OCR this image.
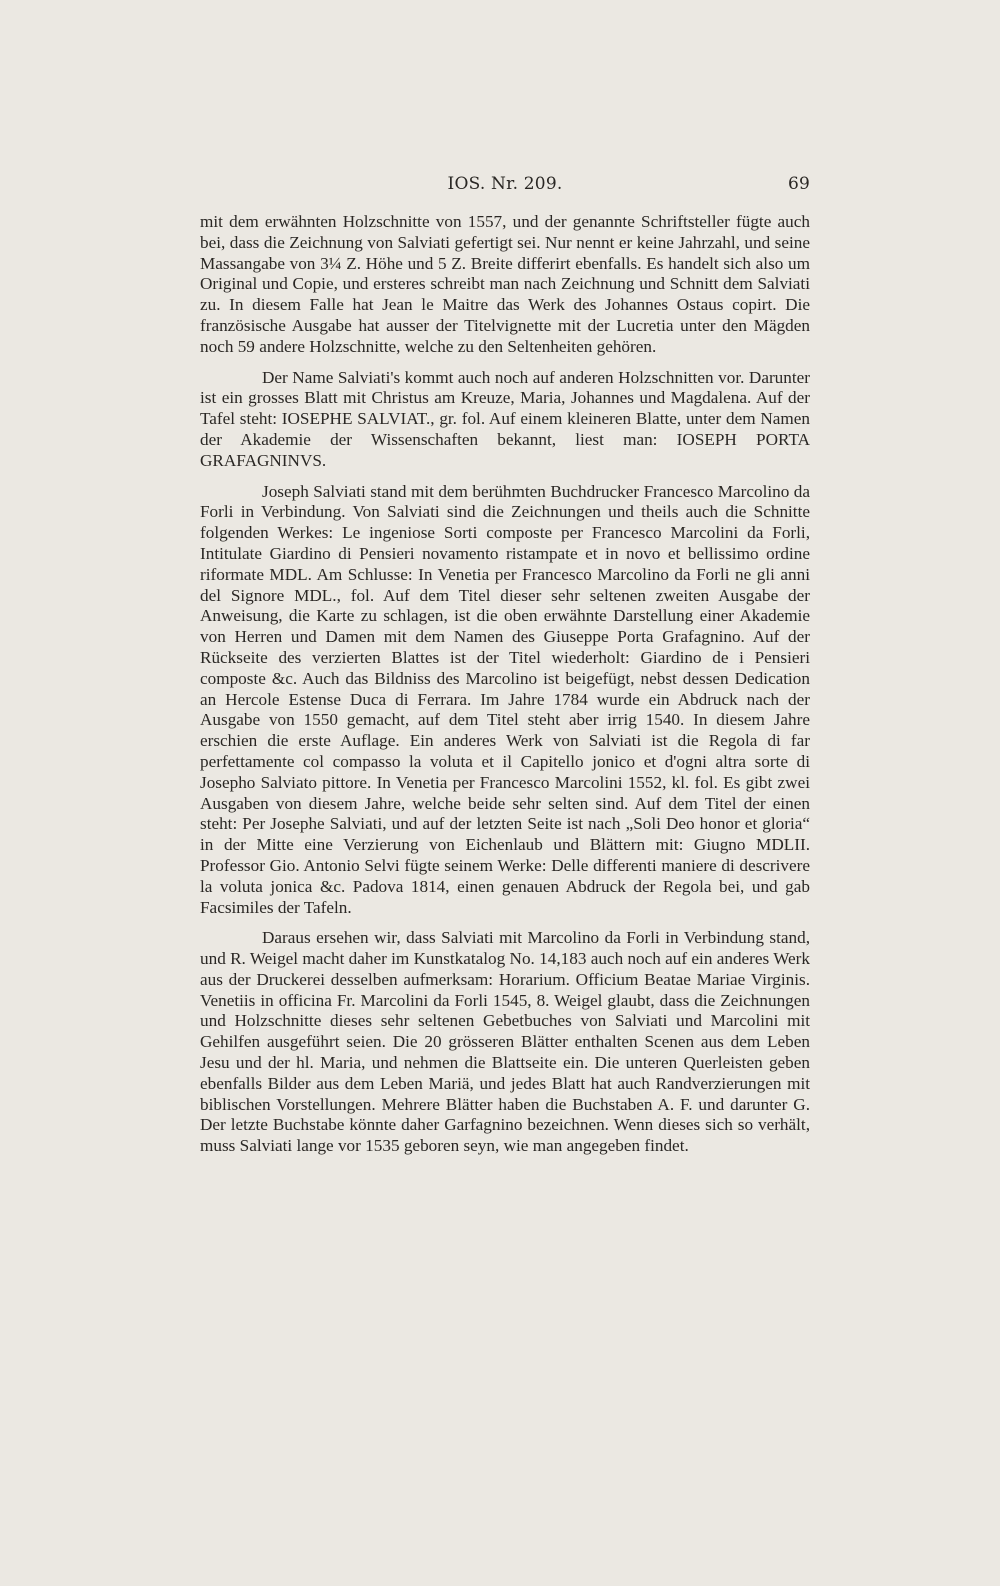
IOS. Nr. 209.	69

mit dem erwähnten Holzschnitte von 1557, und der genannte Schriftsteller fügte auch bei, dass die Zeichnung von Salviati gefertigt sei. Nur nennt er keine Jahrzahl, und seine Massangabe von 3¼ Z. Höhe und 5 Z. Breite differirt ebenfalls. Es handelt sich also um Original und Copie, und ersteres schreibt man nach Zeichnung und Schnitt dem Salviati zu. In diesem Falle hat Jean le Maitre das Werk des Johannes Ostaus copirt. Die französische Ausgabe hat ausser der Titelvignette mit der Lucretia unter den Mägden noch 59 andere Holzschnitte, welche zu den Seltenheiten gehören.

Der Name Salviati's kommt auch noch auf anderen Holzschnitten vor. Darunter ist ein grosses Blatt mit Christus am Kreuze, Maria, Johannes und Magdalena. Auf der Tafel steht: IOSEPHE SALVIAT., gr. fol. Auf einem kleineren Blatte, unter dem Namen der Akademie der Wissenschaften bekannt, liest man: IOSEPH PORTA GRAFAGNINVS.

Joseph Salviati stand mit dem berühmten Buchdrucker Francesco Marcolino da Forli in Verbindung. Von Salviati sind die Zeichnungen und theils auch die Schnitte folgenden Werkes: Le ingeniose Sorti composte per Francesco Marcolini da Forli, Intitulate Giardino di Pensieri novamento ristampate et in novo et bellissimo ordine riformate MDL. Am Schlusse: In Venetia per Francesco Marcolino da Forli ne gli anni del Signore MDL., fol. Auf dem Titel dieser sehr seltenen zweiten Ausgabe der Anweisung, die Karte zu schlagen, ist die oben erwähnte Darstellung einer Akademie von Herren und Damen mit dem Namen des Giuseppe Porta Grafagnino. Auf der Rückseite des verzierten Blattes ist der Titel wiederholt: Giardino de i Pensieri composte &c. Auch das Bildniss des Marcolino ist beigefügt, nebst dessen Dedication an Hercole Estense Duca di Ferrara. Im Jahre 1784 wurde ein Abdruck nach der Ausgabe von 1550 gemacht, auf dem Titel steht aber irrig 1540. In diesem Jahre erschien die erste Auflage. Ein anderes Werk von Salviati ist die Regola di far perfettamente col compasso la voluta et il Capitello jonico et d'ogni altra sorte di Josepho Salviato pittore. In Venetia per Francesco Marcolini 1552, kl. fol. Es gibt zwei Ausgaben von diesem Jahre, welche beide sehr selten sind. Auf dem Titel der einen steht: Per Josephe Salviati, und auf der letzten Seite ist nach „Soli Deo honor et gloria“ in der Mitte eine Verzierung von Eichenlaub und Blättern mit: Giugno MDLII. Professor Gio. Antonio Selvi fügte seinem Werke: Delle differenti maniere di descrivere la voluta jonica &c. Padova 1814, einen genauen Abdruck der Regola bei, und gab Facsimiles der Tafeln.

Daraus ersehen wir, dass Salviati mit Marcolino da Forli in Verbindung stand, und R. Weigel macht daher im Kunstkatalog No. 14,183 auch noch auf ein anderes Werk aus der Druckerei desselben aufmerksam: Horarium. Officium Beatae Mariae Virginis. Venetiis in officina Fr. Marcolini da Forli 1545, 8. Weigel glaubt, dass die Zeichnungen und Holzschnitte dieses sehr seltenen Gebetbuches von Salviati und Marcolini mit Gehilfen ausgeführt seien. Die 20 grösseren Blätter enthalten Scenen aus dem Leben Jesu und der hl. Maria, und nehmen die Blattseite ein. Die unteren Querleisten geben ebenfalls Bilder aus dem Leben Mariä, und jedes Blatt hat auch Randverzierungen mit biblischen Vorstellungen. Mehrere Blätter haben die Buchstaben A. F. und darunter G. Der letzte Buchstabe könnte daher Garfagnino bezeichnen. Wenn dieses sich so verhält, muss Salviati lange vor 1535 geboren seyn, wie man angegeben findet.
